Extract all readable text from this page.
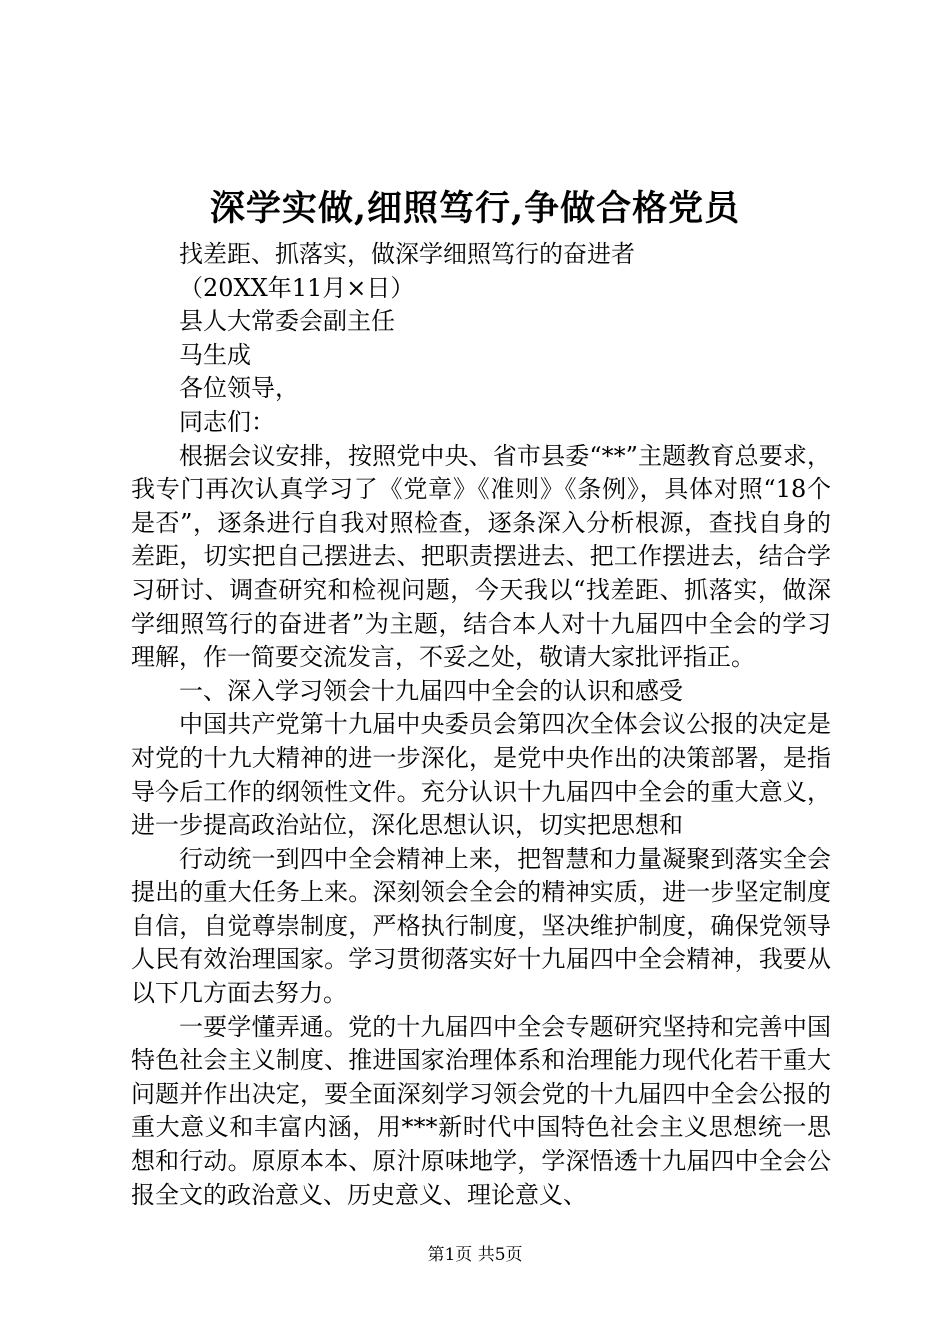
深学实做,细照笃行,争做合格党员
找差距、抓落实，做深学细照笃行的奋进者
（20XX年11月×日）
县人大常委会副主任
马生成
各位领导，
同志们：
根据会议安排，按照党中央、省市县委“**”主题教育总要求，我专门再次认真学习了《党章》《准则》《条例》，具体对照“18个是否”，逐条进行自我对照检查，逐条深入分析根源，查找自身的差距，切实把自己摆进去、把职责摆进去、把工作摆进去，结合学习研讨、调查研究和检视问题，今天我以“找差距、抓落实，做深学细照笃行的奋进者”为主题，结合本人对十九届四中全会的学习理解，作一简要交流发言，不妥之处，敬请大家批评指正。
一、深入学习领会十九届四中全会的认识和感受
中国共产党第十九届中央委员会第四次全体会议公报的决定是对党的十九大精神的进一步深化，是党中央作出的决策部署，是指导今后工作的纲领性文件。充分认识十九届四中全会的重大意义，进一步提高政治站位，深化思想认识，切实把思想和
行动统一到四中全会精神上来，把智慧和力量凝聚到落实全会提出的重大任务上来。深刻领会全会的精神实质，进一步坚定制度自信，自觉尊崇制度，严格执行制度，坚决维护制度，确保党领导人民有效治理国家。学习贯彻落实好十九届四中全会精神，我要从以下几方面去努力。
一要学懂弄通。党的十九届四中全会专题研究坚持和完善中国特色社会主义制度、推进国家治理体系和治理能力现代化若干重大问题并作出决定，要全面深刻学习领会党的十九届四中全会公报的重大意义和丰富内涵，用***新时代中国特色社会主义思想统一思想和行动。原原本本、原汁原味地学，学深悟透十九届四中全会公报全文的政治意义、历史意义、理论意义、
第1页 共5页
